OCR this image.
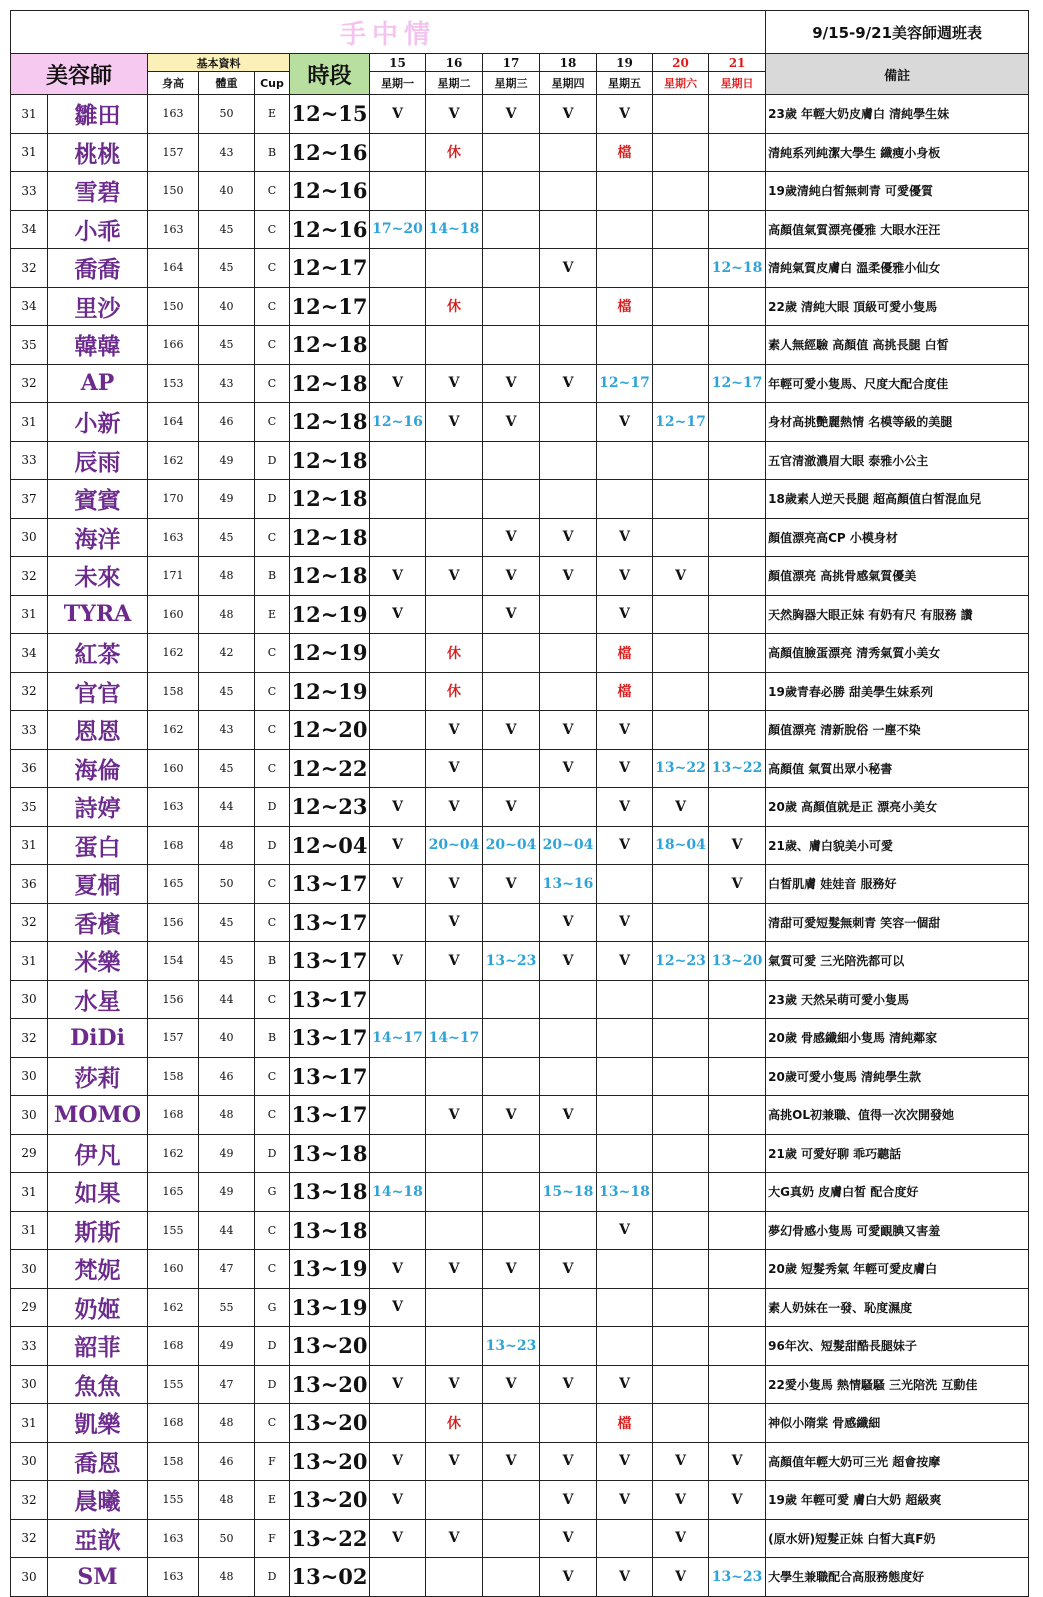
手中情													9/15-9/21美容師週班表
美容師		基本資料			時段	15	16	17	18	19	20	21	備註
		身高	體重	Cup		星期一	星期二	星期三	星期四	星期五	星期六	星期日	
31	雛田	163	50	E	12~15	V	V	V	V	V			23歲 年輕大奶皮膚白 清純學生妹
31	桃桃	157	43	B	12~16		休			檔			清純系列純潔大學生 纖瘦小身板
33	雪碧	150	40	C	12~16								19歲清純白皙無刺青 可愛優質
34	小乖	163	45	C	12~16	17~20	14~18						高顏值氣質漂亮優雅 大眼水汪汪
32	喬喬	164	45	C	12~17				V			12~18	清純氣質皮膚白 溫柔優雅小仙女
34	里沙	150	40	C	12~17		休			檔			22歲 清純大眼 頂級可愛小隻馬
35	韓韓	166	45	C	12~18								素人無經驗 高顏值 高挑長腿 白皙
32	AP	153	43	C	12~18	V	V	V	V	12~17		12~17	年輕可愛小隻馬、尺度大配合度佳
31	小新	164	46	C	12~18	12~16	V	V		V	12~17		身材高挑艷麗熱情 名模等級的美腿
33	辰雨	162	49	D	12~18								五官清澈濃眉大眼 泰雅小公主
37	賓賓	170	49	D	12~18								18歲素人逆天長腿 超高顏值白皙混血兒
30	海洋	163	45	C	12~18			V	V	V			顏值漂亮高CP 小模身材
32	未來	171	48	B	12~18	V	V	V	V	V	V		顏值漂亮 高挑骨感氣質優美
31	TYRA	160	48	E	12~19	V		V		V			天然胸器大眼正妹 有奶有尺 有服務 讚
34	紅茶	162	42	C	12~19		休			檔			高顏值臉蛋漂亮 清秀氣質小美女
32	官官	158	45	C	12~19		休			檔			19歲青春必勝 甜美學生妹系列
33	恩恩	162	43	C	12~20		V	V	V	V			顏值漂亮 清新脫俗 一塵不染
36	海倫	160	45	C	12~22		V		V	V	13~22	13~22	高顏值 氣質出眾小秘書
35	詩婷	163	44	D	12~23	V	V	V		V	V		20歲 高顏值就是正 漂亮小美女
31	蛋白	168	48	D	12~04	V	20~04	20~04	20~04	V	18~04	V	21歲、膚白貌美小可愛
36	夏桐	165	50	C	13~17	V	V	V	13~16			V	白皙肌膚 娃娃音 服務好
32	香檳	156	45	C	13~17		V		V	V			清甜可愛短髮無刺青 笑容一個甜
31	米樂	154	45	B	13~17	V	V	13~23	V	V	12~23	13~20	氣質可愛 三光陪洗都可以
30	水星	156	44	C	13~17								23歲 天然呆萌可愛小隻馬
32	DiDi	157	40	B	13~17	14~17	14~17						20歲 骨感纖細小隻馬 清純鄰家
30	莎莉	158	46	C	13~17								20歲可愛小隻馬 清純學生款
30	MOMO	168	48	C	13~17		V	V	V				高挑OL初兼職、值得一次次開發她
29	伊凡	162	49	D	13~18								21歲 可愛好聊 乖巧聽話
31	如果	165	49	G	13~18	14~18			15~18	13~18			大G真奶 皮膚白皙 配合度好
31	斯斯	155	44	C	13~18					V			夢幻骨感小隻馬 可愛靦腆又害羞
30	梵妮	160	47	C	13~19	V	V	V	V				20歲 短髮秀氣 年輕可愛皮膚白
29	奶姬	162	55	G	13~19	V							素人奶妹在一發、恥度濕度
33	韶菲	168	49	D	13~20			13~23					96年次、短髮甜酷長腿妹子
30	魚魚	155	47	D	13~20	V	V	V	V	V			22愛小隻馬 熱情騷騷 三光陪洗 互動佳
31	凱樂	168	48	C	13~20		休			檔			神似小隋棠 骨感纖細
30	喬恩	158	46	F	13~20	V	V	V	V	V	V	V	高顏值年輕大奶可三光 超會按摩
32	晨曦	155	48	E	13~20	V			V	V	V	V	19歲 年輕可愛 膚白大奶 超級爽
32	亞歆	163	50	F	13~22	V	V		V		V		(原水妍)短髮正妹 白皙大真F奶
30	SM	163	48	D	13~02				V	V	V	13~23	大學生兼職配合高服務態度好
